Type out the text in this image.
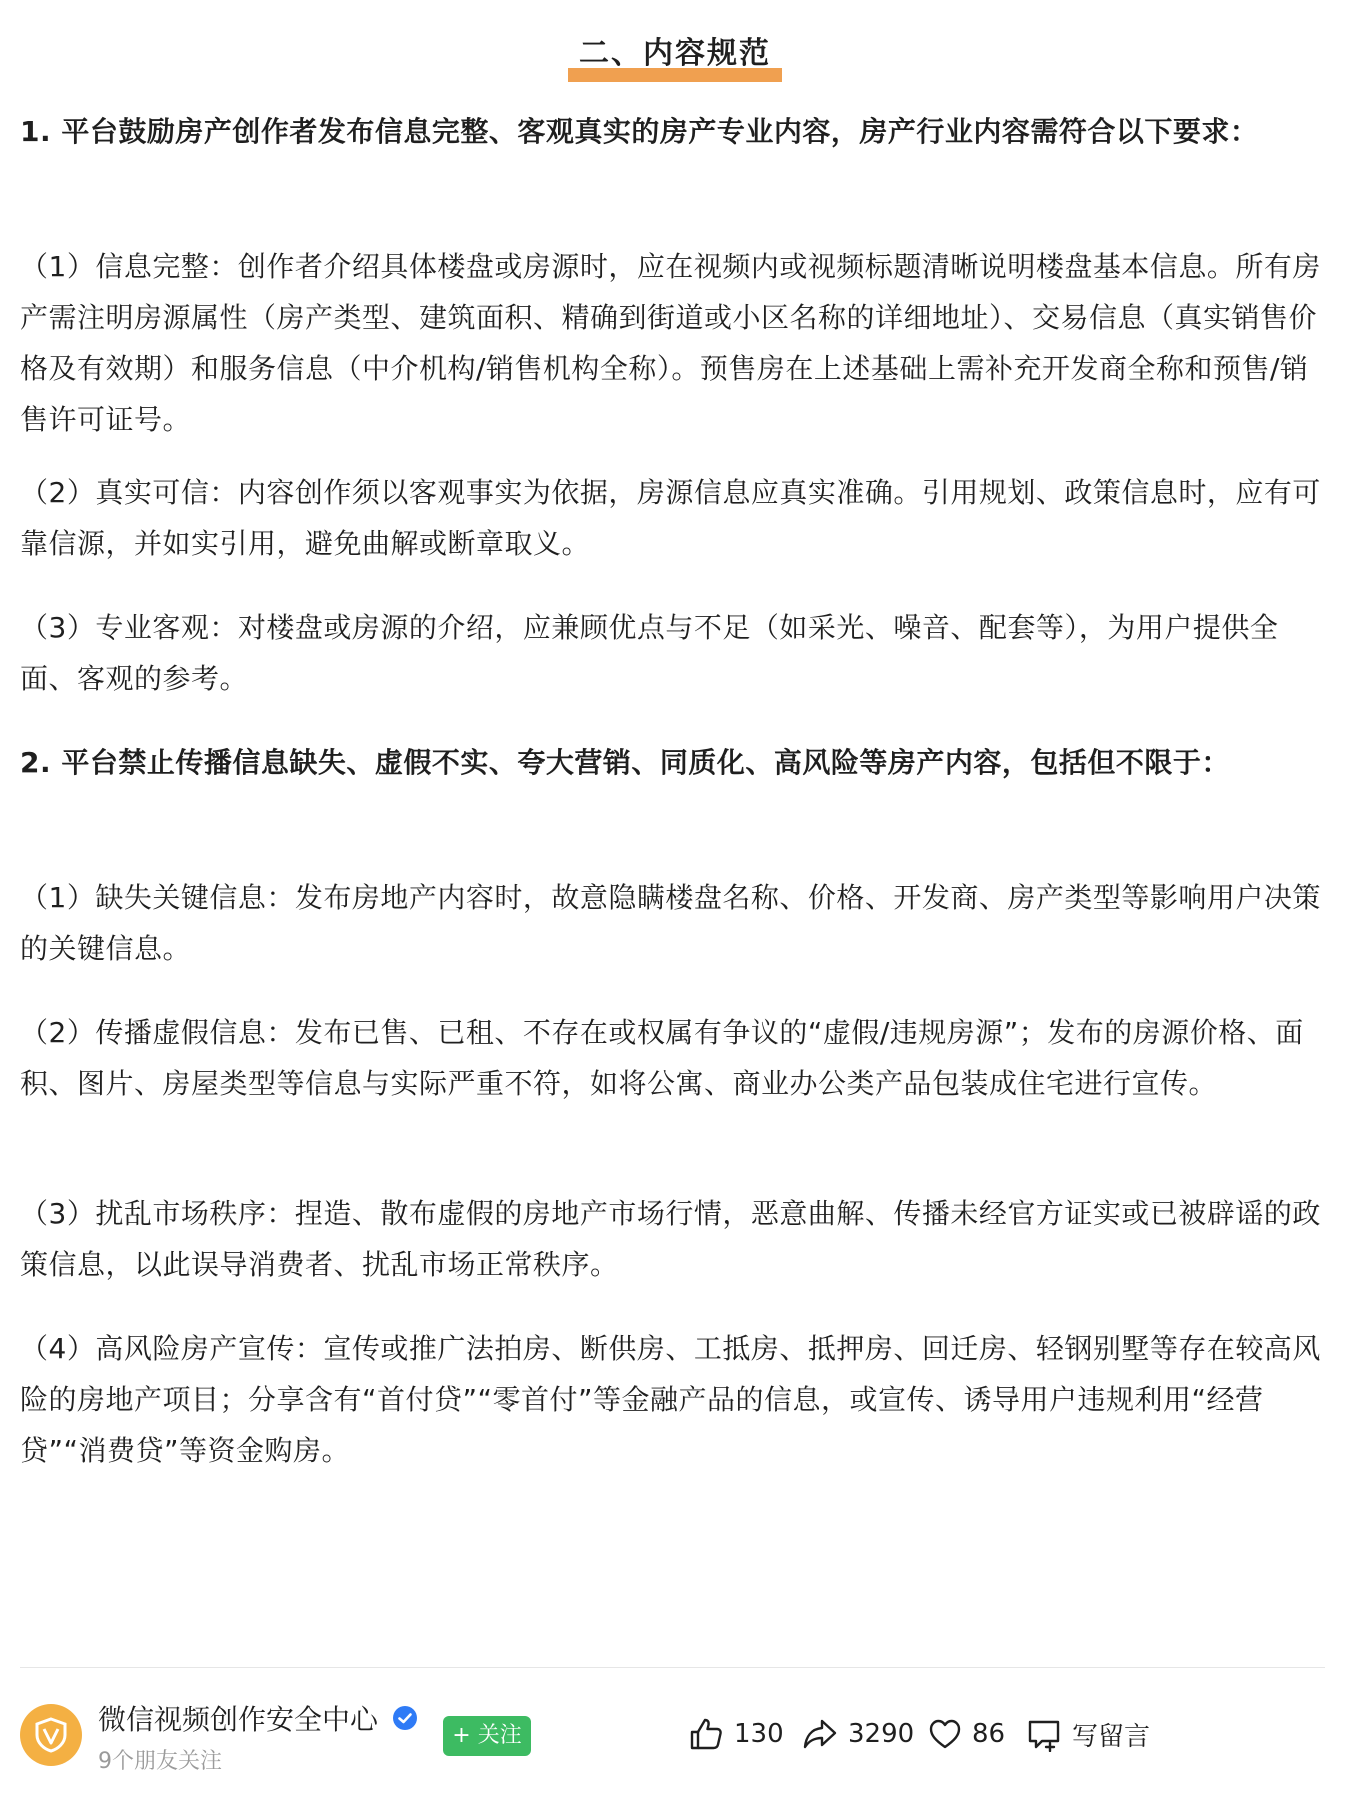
二、内容规范

1. 平台鼓励房产创作者发布信息完整、客观真实的房产专业内容，房产行业内容需符合以下要求：

（1）信息完整：创作者介绍具体楼盘或房源时，应在视频内或视频标题清晰说明楼盘基本信息。所有房产需注明房源属性（房产类型、建筑面积、精确到街道或小区名称的详细地址）、交易信息（真实销售价格及有效期）和服务信息（中介机构/销售机构全称）。预售房在上述基础上需补充开发商全称和预售/销售许可证号。

（2）真实可信：内容创作须以客观事实为依据，房源信息应真实准确。引用规划、政策信息时，应有可靠信源，并如实引用，避免曲解或断章取义。

（3）专业客观：对楼盘或房源的介绍，应兼顾优点与不足（如采光、噪音、配套等），为用户提供全面、客观的参考。

2. 平台禁止传播信息缺失、虚假不实、夸大营销、同质化、高风险等房产内容，包括但不限于：

（1）缺失关键信息：发布房地产内容时，故意隐瞒楼盘名称、价格、开发商、房产类型等影响用户决策的关键信息。

（2）传播虚假信息：发布已售、已租、不存在或权属有争议的“虚假/违规房源”；发布的房源价格、面积、图片、房屋类型等信息与实际严重不符，如将公寓、商业办公类产品包装成住宅进行宣传。

（3）扰乱市场秩序：捏造、散布虚假的房地产市场行情，恶意曲解、传播未经官方证实或已被辟谣的政策信息，以此误导消费者、扰乱市场正常秩序。

（4）高风险房产宣传：宣传或推广法拍房、断供房、工抵房、抵押房、回迁房、轻钢别墅等存在较高风险的房地产项目；分享含有“首付贷”“零首付”等金融产品的信息，或宣传、诱导用户违规利用“经营贷”“消费贷”等资金购房。

微信视频创作安全中心
9个朋友关注
+ 关注	130 3290 86	写留言
